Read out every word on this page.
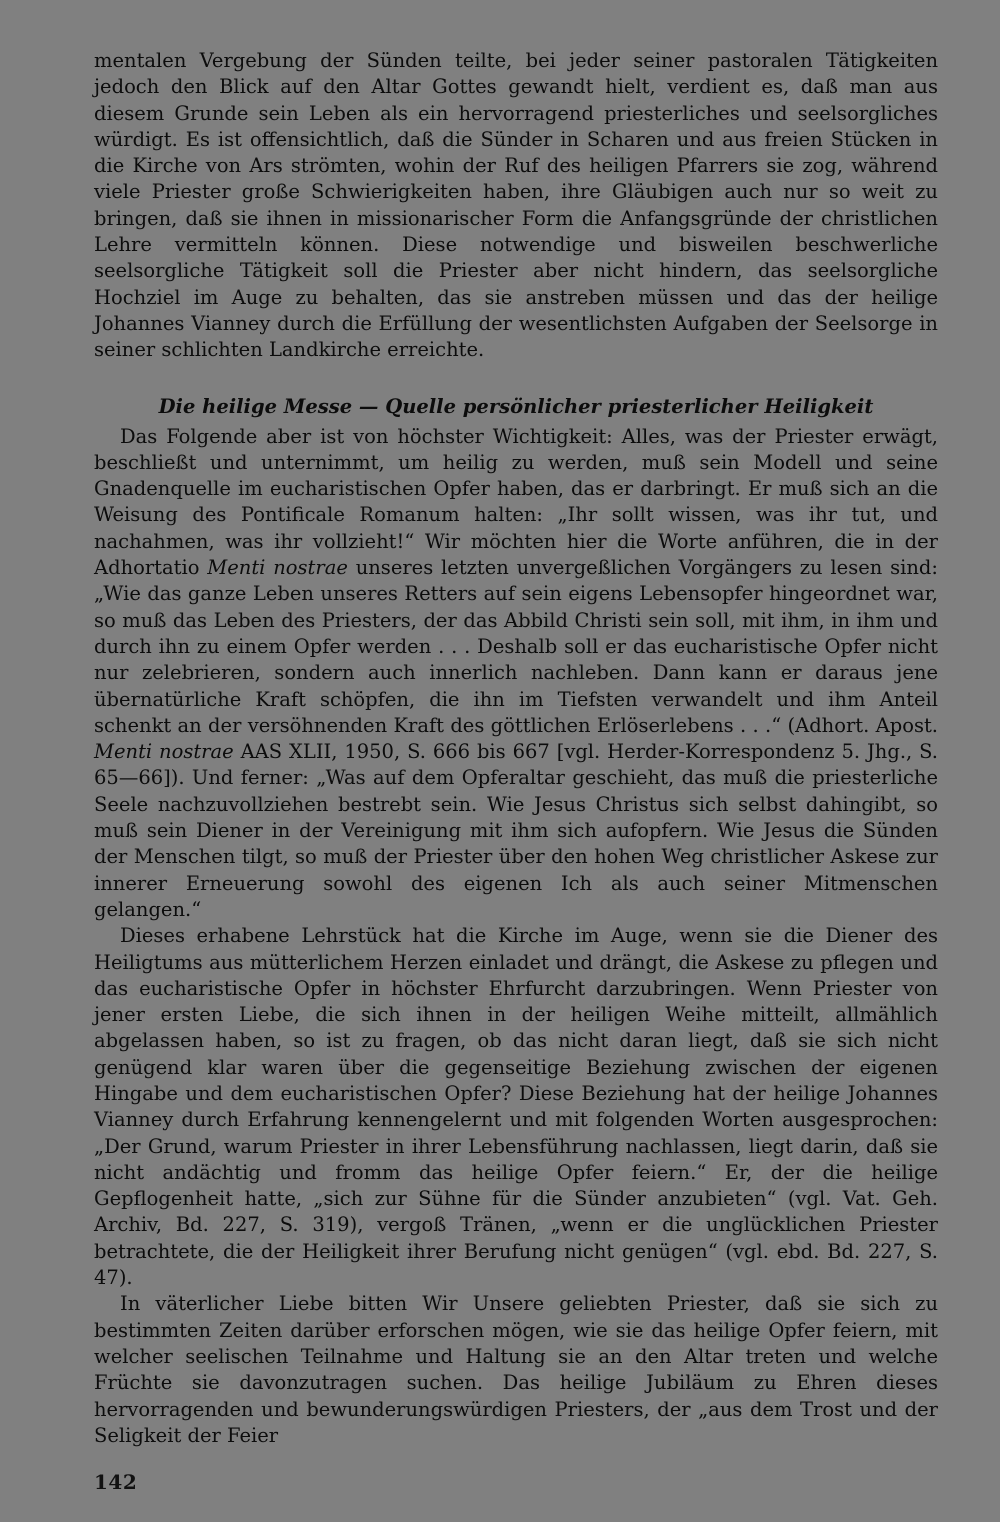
mentalen Vergebung der Sünden teilte, bei jeder seiner pastoralen Tätigkeiten jedoch den Blick auf den Altar Gottes gewandt hielt, verdient es, daß man aus diesem Grunde sein Leben als ein hervorragend priesterliches und seelsorgliches würdigt. Es ist offensichtlich, daß die Sünder in Scharen und aus freien Stücken in die Kirche von Ars strömten, wohin der Ruf des heiligen Pfarrers sie zog, während viele Priester große Schwierigkeiten haben, ihre Gläubigen auch nur so weit zu bringen, daß sie ihnen in missionarischer Form die Anfangsgründe der christlichen Lehre vermitteln können. Diese notwendige und bisweilen beschwerliche seelsorgliche Tätigkeit soll die Priester aber nicht hindern, das seelsorgliche Hochziel im Auge zu behalten, das sie anstreben müssen und das der heilige Johannes Vianney durch die Erfüllung der wesentlichsten Aufgaben der Seelsorge in seiner schlichten Landkirche erreichte.

Die heilige Messe — Quelle persönlicher priesterlicher Heiligkeit

Das Folgende aber ist von höchster Wichtigkeit: Alles, was der Priester erwägt, beschließt und unternimmt, um heilig zu werden, muß sein Modell und seine Gnadenquelle im eucharistischen Opfer haben, das er darbringt. Er muß sich an die Weisung des Pontificale Romanum halten: „Ihr sollt wissen, was ihr tut, und nachahmen, was ihr vollzieht!“ Wir möchten hier die Worte anführen, die in der Adhortatio Menti nostrae unseres letzten unvergeßlichen Vorgängers zu lesen sind: „Wie das ganze Leben unseres Retters auf sein eigens Lebensopfer hingeordnet war, so muß das Leben des Priesters, der das Abbild Christi sein soll, mit ihm, in ihm und durch ihn zu einem Opfer werden . . . Deshalb soll er das eucharistische Opfer nicht nur zelebrieren, sondern auch innerlich nachleben. Dann kann er daraus jene übernatürliche Kraft schöpfen, die ihn im Tiefsten verwandelt und ihm Anteil schenkt an der versöhnenden Kraft des göttlichen Erlöserlebens . . .“ (Adhort. Apost. Menti nostrae AAS XLII, 1950, S. 666 bis 667 [vgl. Herder-Korrespondenz 5. Jhg., S. 65—66]). Und ferner: „Was auf dem Opferaltar geschieht, das muß die priesterliche Seele nachzuvollziehen bestrebt sein. Wie Jesus Christus sich selbst dahingibt, so muß sein Diener in der Vereinigung mit ihm sich aufopfern. Wie Jesus die Sünden der Menschen tilgt, so muß der Priester über den hohen Weg christlicher Askese zur innerer Erneuerung sowohl des eigenen Ich als auch seiner Mitmenschen gelangen.“

Dieses erhabene Lehrstück hat die Kirche im Auge, wenn sie die Diener des Heiligtums aus mütterlichem Herzen einladet und drängt, die Askese zu pflegen und das eucharistische Opfer in höchster Ehrfurcht darzubringen. Wenn Priester von jener ersten Liebe, die sich ihnen in der heiligen Weihe mitteilt, allmählich abgelassen haben, so ist zu fragen, ob das nicht daran liegt, daß sie sich nicht genügend klar waren über die gegenseitige Beziehung zwischen der eigenen Hingabe und dem eucharistischen Opfer? Diese Beziehung hat der heilige Johannes Vianney durch Erfahrung kennengelernt und mit folgenden Worten ausgesprochen: „Der Grund, warum Priester in ihrer Lebensführung nachlassen, liegt darin, daß sie nicht andächtig und fromm das heilige Opfer feiern.“ Er, der die heilige Gepflogenheit hatte, „sich zur Sühne für die Sünder anzubieten“ (vgl. Vat. Geh. Archiv, Bd. 227, S. 319), vergoß Tränen, „wenn er die unglücklichen Priester betrachtete, die der Heiligkeit ihrer Berufung nicht genügen“ (vgl. ebd. Bd. 227, S. 47).

In väterlicher Liebe bitten Wir Unsere geliebten Priester, daß sie sich zu bestimmten Zeiten darüber erforschen mögen, wie sie das heilige Opfer feiern, mit welcher seelischen Teilnahme und Haltung sie an den Altar treten und welche Früchte sie davonzutragen suchen. Das heilige Jubiläum zu Ehren dieses hervorragenden und bewunderungswürdigen Priesters, der „aus dem Trost und der Seligkeit der Feier

142
